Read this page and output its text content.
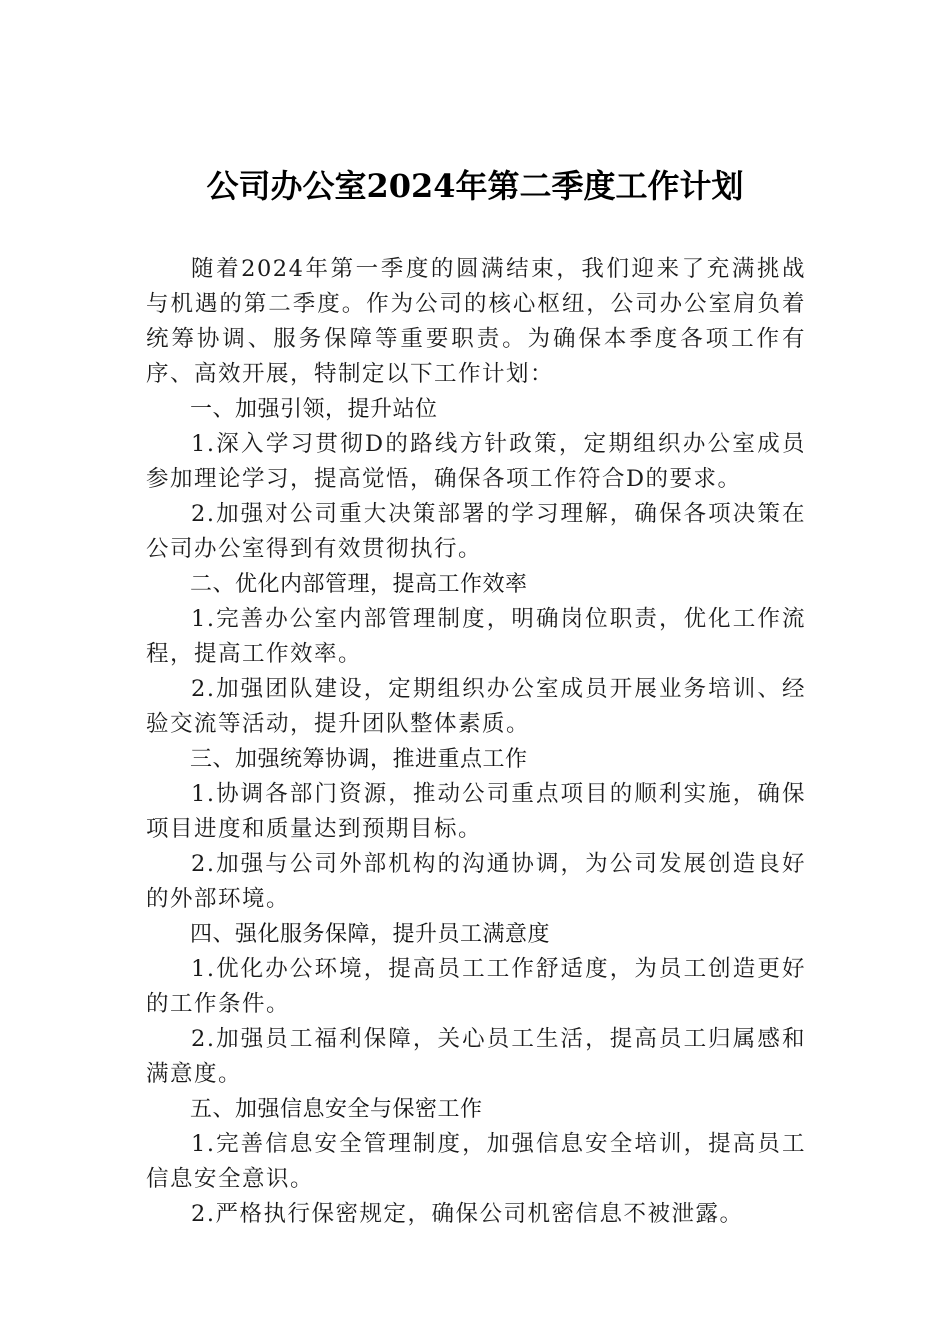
公司办公室2024年第二季度工作计划

随着2024年第一季度的圆满结束，我们迎来了充满挑战与机遇的第二季度。作为公司的核心枢纽，公司办公室肩负着统筹协调、服务保障等重要职责。为确保本季度各项工作有序、高效开展，特制定以下工作计划：

一、加强引领，提升站位

1.深入学习贯彻D的路线方针政策，定期组织办公室成员参加理论学习，提高觉悟，确保各项工作符合D的要求。

2.加强对公司重大决策部署的学习理解，确保各项决策在公司办公室得到有效贯彻执行。

二、优化内部管理，提高工作效率

1.完善办公室内部管理制度，明确岗位职责，优化工作流程，提高工作效率。

2.加强团队建设，定期组织办公室成员开展业务培训、经验交流等活动，提升团队整体素质。

三、加强统筹协调，推进重点工作

1.协调各部门资源，推动公司重点项目的顺利实施，确保项目进度和质量达到预期目标。

2.加强与公司外部机构的沟通协调，为公司发展创造良好的外部环境。

四、强化服务保障，提升员工满意度

1.优化办公环境，提高员工工作舒适度，为员工创造更好的工作条件。

2.加强员工福利保障，关心员工生活，提高员工归属感和满意度。

五、加强信息安全与保密工作

1.完善信息安全管理制度，加强信息安全培训，提高员工信息安全意识。

2.严格执行保密规定，确保公司机密信息不被泄露。
